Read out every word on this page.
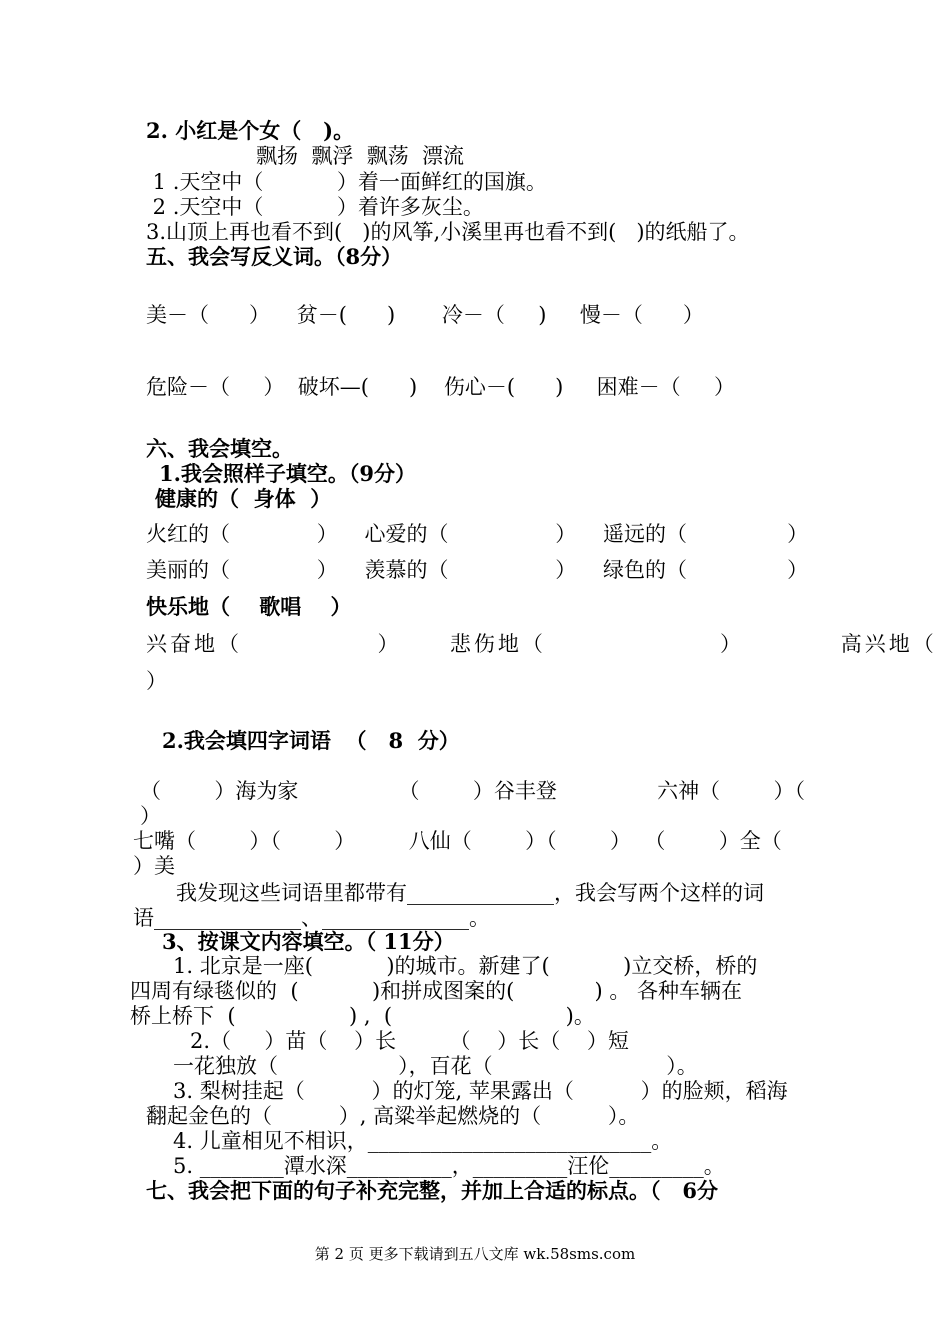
2. 小红是个女（   )。
飘扬  飘浮  飘荡  漂流
1 .天空中（           ）着一面鲜红的国旗。
2 .天空中（           ）着许多灰尘。
3.山顶上再也看不到(   )的风筝,小溪里再也看不到(   )的纸船了。
五、我会写反义词。（8分）
美－（      ）    贫－(      )       冷－（     )     慢－（      ）
危险－（     ）  破坏—(      )    伤心－(      )     困难－（     ）
六、我会填空。
1.我会照样子填空。（9分）
健康的（  身体  ）
火红的（             ）    心爱的（                ）    遥远的（               ）
美丽的（             ）    羡慕的（                ）    绿色的（               ）
快乐地（    歌唱    ）
兴奋地（              ）     悲伤地（                  ）          高兴地（
）
2.我会填四字词语  （   8  分）
（        ）海为家               （        ）谷丰登               六神（        ）（
）
七嘴（        ）（        ）        八仙（        ）（        ）  （        ）全（
）美
我发现这些词语里都带有______________，我会写两个这样的词
语______________、______________。
3、按课文内容填空。（ 11分）
1. 北京是一座(           )的城市。新建了(           )立交桥，桥的
四周有绿毯似的  (           )和拼成图案的(            ) 。 各种车辆在
桥上桥下  (                 ) ,  (                          )。
2.（     ）苗（    ）长        （    ）长（    ）短
一花独放（                  ），百花（                          ）。
3. 梨树挂起（          ）的灯笼, 苹果露出（          ）的脸颊，稻海
翻起金色的（          ）, 高粱举起燃烧的（          ）。
4. 儿童相见不相识，___________________________。
5. ________潭水深__________，_________汪伦_________。
七、我会把下面的句子补充完整，并加上合适的标点。（   6分
第 2 页 更多下载请到五八文库 wk.58sms.com
